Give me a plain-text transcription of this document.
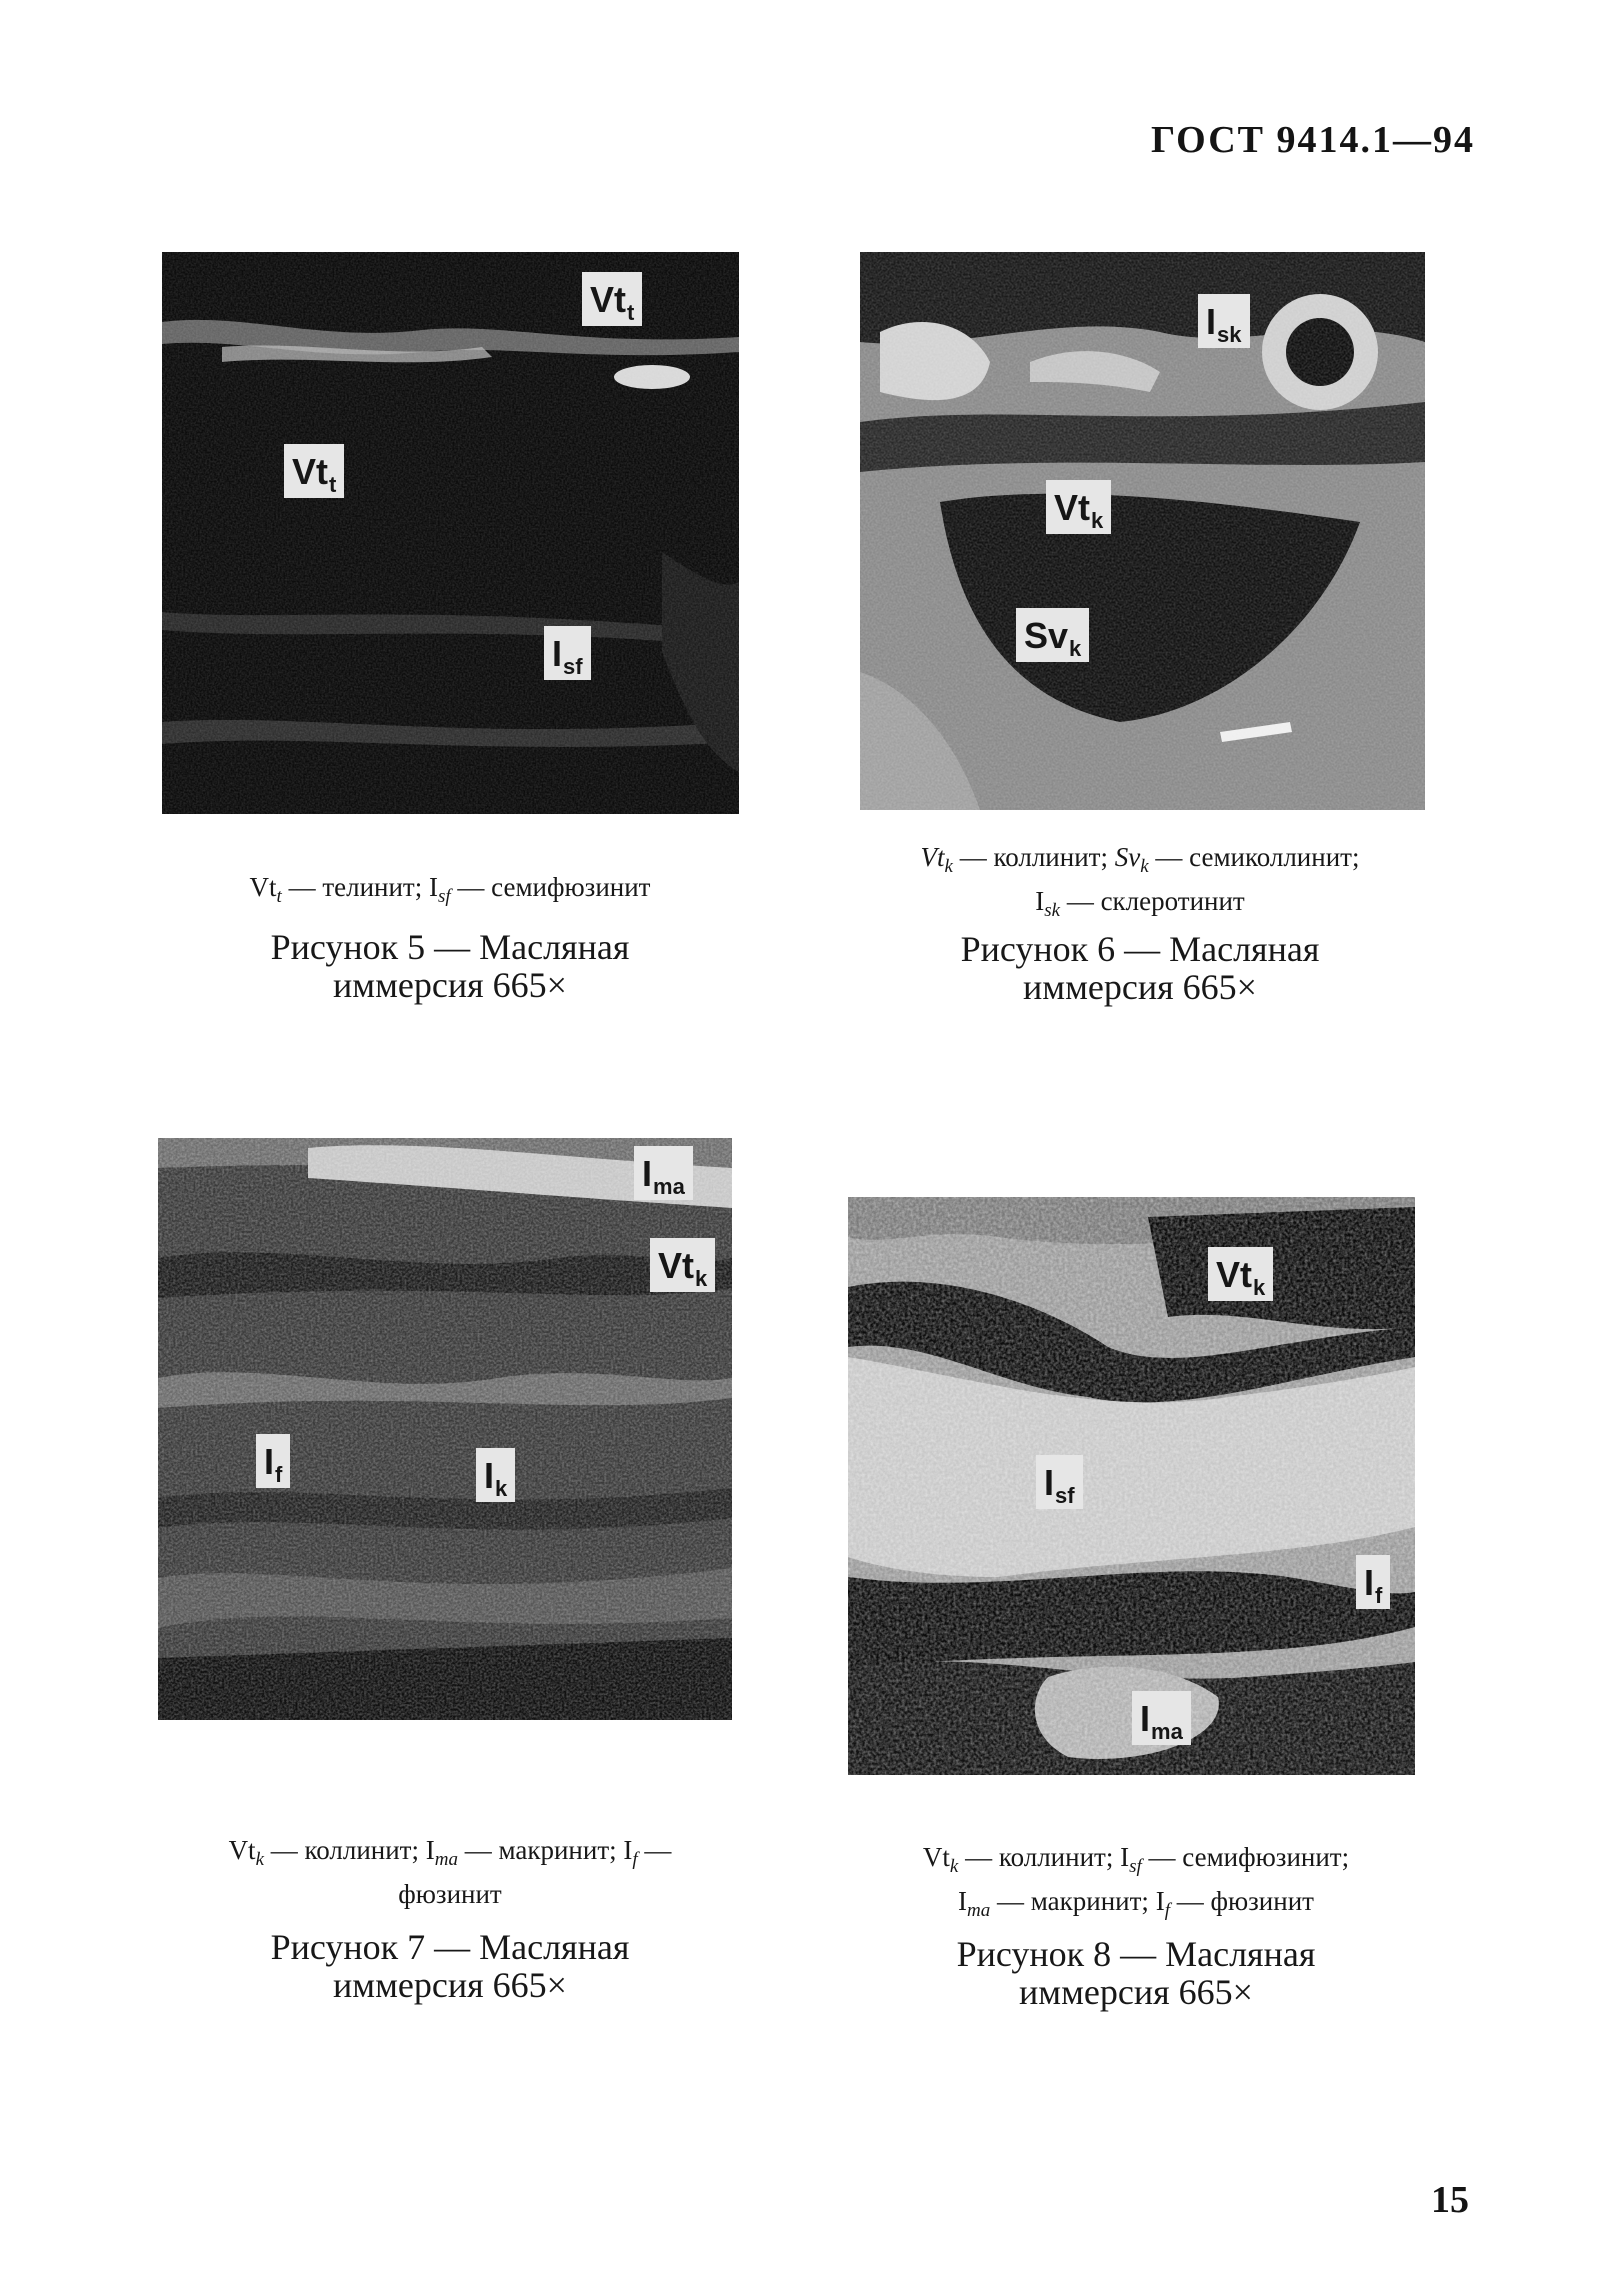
ГОСТ 9414.1—94
Vt t
Vt t
I sf
$Vt_t$ — телинит; $I_{sf}$ — семифюзинит
Рисунок 5 — Масляная
иммерсия 665×
I sk
Vt k
Sv k
$Vt_k$ — коллинит; $Sv_k$ — семиколлинит;
$I_{sk}$ — склеротинит
Рисунок 6 — Масляная
иммерсия 665×
I ma
Vt k
I f	I k
$Vt_k$ — коллинит; $I_{ma}$ — макринит; $I_f$ —
фюзинит
Рисунок 7 — Масляная
иммерсия 665×
Vt k
I sf
I f
I ma
$Vt_k$ — коллинит; $I_{sf}$ — семифюзинит;
$I_{ma}$ — макринит; $I_f$ — фюзинит
Рисунок 8 — Масляная
иммерсия 665×
15
